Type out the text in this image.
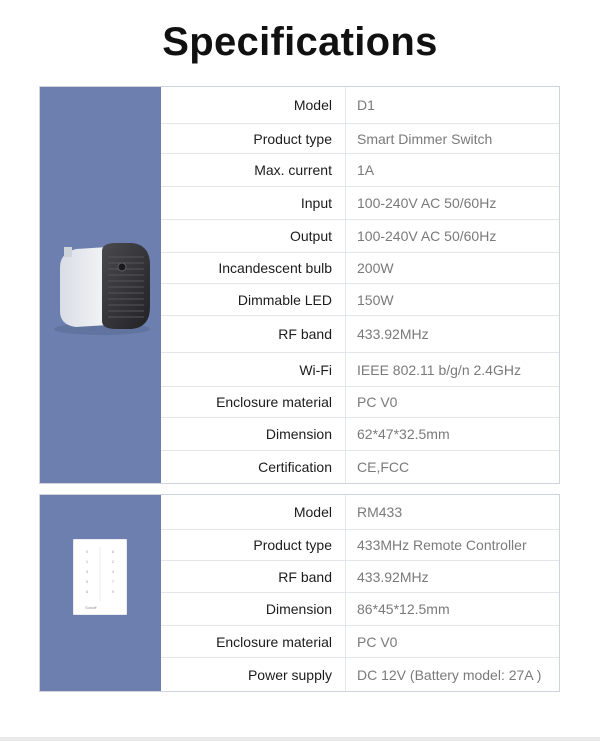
Specifications
Model D1
Product type Smart Dimmer Switch
Max. current 1A
Input 100-240V AC 50/60Hz
Output 100-240V AC 50/60Hz
Incandescent bulb 200W
Dimmable LED 150W
RF band 433.92MHz
Wi-Fi IEEE 802.11 b/g/n 2.4GHz
Enclosure material PC V0
Dimension 62*47*32.5mm
Certification CE,FCC
0	6
1	2
3	4
5	7
8	9
Sonoff
Model RM433
Product type 433MHz Remote Controller
RF band 433.92MHz
Dimension 86*45*12.5mm
Enclosure material PC V0
Power supply DC 12V (Battery model: 27A )
